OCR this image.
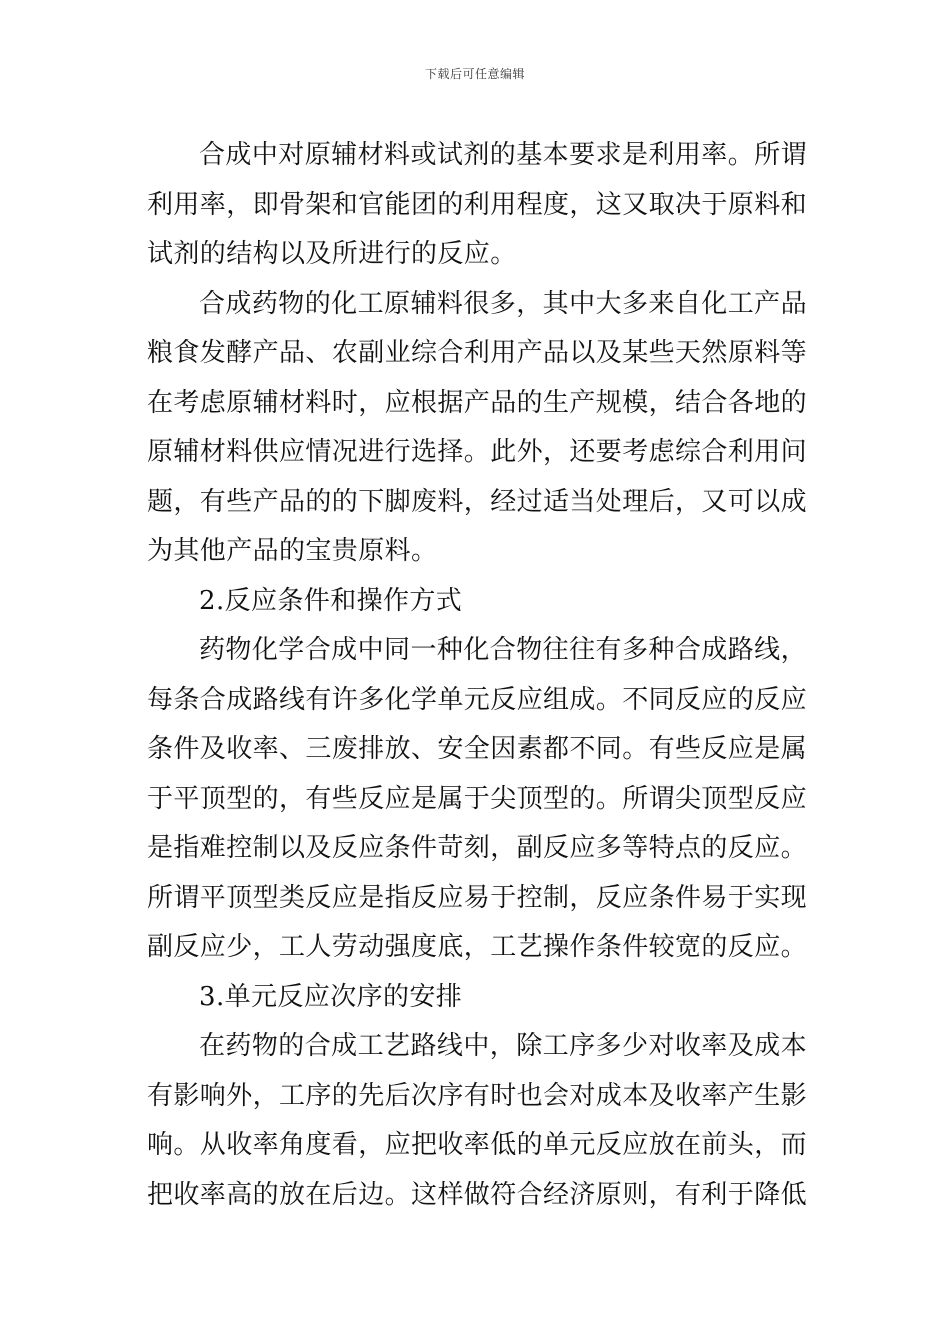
下载后可任意编辑
合成中对原辅材料或试剂的基本要求是利用率。所谓
利用率，即骨架和官能团的利用程度，这又取决于原料和
试剂的结构以及所进行的反应。
合成药物的化工原辅料很多，其中大多来自化工产品
粮食发酵产品、农副业综合利用产品以及某些天然原料等
在考虑原辅材料时，应根据产品的生产规模，结合各地的
原辅材料供应情况进行选择。此外，还要考虑综合利用问
题，有些产品的的下脚废料，经过适当处理后，又可以成
为其他产品的宝贵原料。
2.反应条件和操作方式
药物化学合成中同一种化合物往往有多种合成路线，
每条合成路线有许多化学单元反应组成。不同反应的反应
条件及收率、三废排放、安全因素都不同。有些反应是属
于平顶型的，有些反应是属于尖顶型的。所谓尖顶型反应
是指难控制以及反应条件苛刻，副反应多等特点的反应。
所谓平顶型类反应是指反应易于控制，反应条件易于实现
副反应少，工人劳动强度底，工艺操作条件较宽的反应。
3.单元反应次序的安排
在药物的合成工艺路线中，除工序多少对收率及成本
有影响外，工序的先后次序有时也会对成本及收率产生影
响。从收率角度看，应把收率低的单元反应放在前头，而
把收率高的放在后边。这样做符合经济原则，有利于降低
